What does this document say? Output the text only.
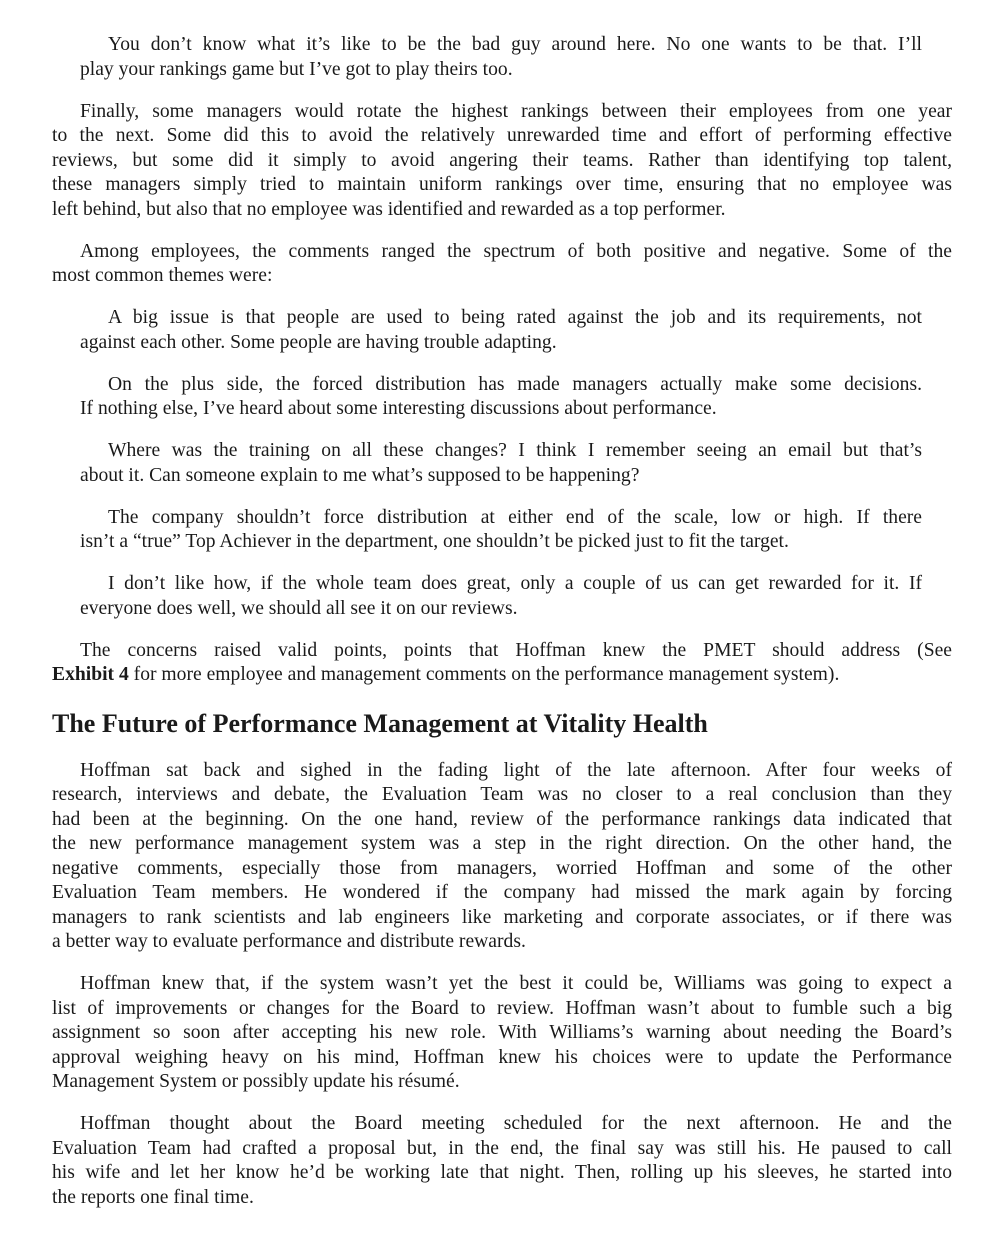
You don’t know what it’s like to be the bad guy around here. No one wants to be that. I’ll
play your rankings game but I’ve got to play theirs too.
Finally, some managers would rotate the highest rankings between their employees from one year
to the next. Some did this to avoid the relatively unrewarded time and effort of performing effective
reviews, but some did it simply to avoid angering their teams. Rather than identifying top talent,
these managers simply tried to maintain uniform rankings over time, ensuring that no employee was
left behind, but also that no employee was identified and rewarded as a top performer.
Among employees, the comments ranged the spectrum of both positive and negative. Some of the
most common themes were:
A big issue is that people are used to being rated against the job and its requirements, not
against each other. Some people are having trouble adapting.
On the plus side, the forced distribution has made managers actually make some decisions.
If nothing else, I’ve heard about some interesting discussions about performance.
Where was the training on all these changes? I think I remember seeing an email but that’s
about it. Can someone explain to me what’s supposed to be happening?
The company shouldn’t force distribution at either end of the scale, low or high. If there
isn’t a “true” Top Achiever in the department, one shouldn’t be picked just to fit the target.
I don’t like how, if the whole team does great, only a couple of us can get rewarded for it. If
everyone does well, we should all see it on our reviews.
The concerns raised valid points, points that Hoffman knew the PMET should address (See
Exhibit 4 for more employee and management comments on the performance management system).
The Future of Performance Management at Vitality Health
Hoffman sat back and sighed in the fading light of the late afternoon. After four weeks of
research, interviews and debate, the Evaluation Team was no closer to a real conclusion than they
had been at the beginning. On the one hand, review of the performance rankings data indicated that
the new performance management system was a step in the right direction. On the other hand, the
negative comments, especially those from managers, worried Hoffman and some of the other
Evaluation Team members. He wondered if the company had missed the mark again by forcing
managers to rank scientists and lab engineers like marketing and corporate associates, or if there was
a better way to evaluate performance and distribute rewards.
Hoffman knew that, if the system wasn’t yet the best it could be, Williams was going to expect a
list of improvements or changes for the Board to review. Hoffman wasn’t about to fumble such a big
assignment so soon after accepting his new role. With Williams’s warning about needing the Board’s
approval weighing heavy on his mind, Hoffman knew his choices were to update the Performance
Management System or possibly update his résumé.
Hoffman thought about the Board meeting scheduled for the next afternoon. He and the
Evaluation Team had crafted a proposal but, in the end, the final say was still his. He paused to call
his wife and let her know he’d be working late that night. Then, rolling up his sleeves, he started into
the reports one final time.
